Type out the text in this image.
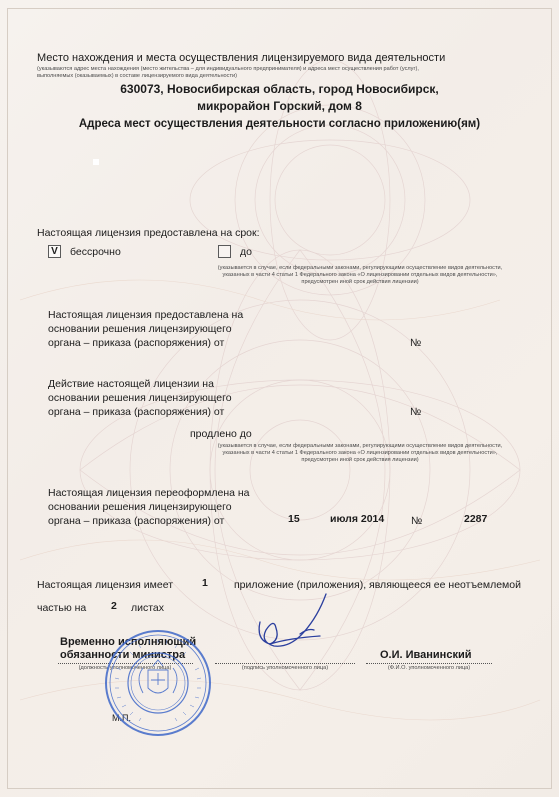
Место нахождения и места осуществления лицензируемого вида деятельности
(указываются адрес места нахождения (место жительства – для индивидуального предпринимателя) и адреса мест осуществления работ (услуг),
выполняемых (оказываемых) в составе лицензируемого вида деятельности)
630073, Новосибирская область, город Новосибирск,
микрорайон Горский, дом 8
Адреса мест осуществления деятельности согласно приложению(ям)
Настоящая лицензия предоставлена на срок:
V	бессрочно	до
(указывается в случае, если федеральными законами, регулирующими осуществление видов деятельности,
указанных в части 4 статьи 1 Федерального закона «О лицензировании отдельных видов деятельности»,
предусмотрен иной срок действия лицензии)
Настоящая лицензия предоставлена на
основании решения лицензирующего
органа – приказа (распоряжения) от	№
Действие настоящей лицензии на
основании решения лицензирующего
органа – приказа (распоряжения) от	№
продлено до
(указывается в случае, если федеральными законами, регулирующими осуществление видов деятельности,
указанных в части 4 статьи 1 Федерального закона «О лицензировании отдельных видов деятельности»,
предусмотрен иной срок действия лицензии)
Настоящая лицензия переоформлена на
основании решения лицензирующего
органа – приказа (распоряжения) от	15	июля 2014	№	2287
Настоящая лицензия имеет	1 приложение (приложения), являющееся ее неотъемлемой
частью на 2 листах
Временно исполняющий
обязанности министра
(должность уполномоченного лица)	(подпись уполномоченного лица)
О.И. Иванинский
(Ф.И.О. уполномоченного лица)
М.П.
